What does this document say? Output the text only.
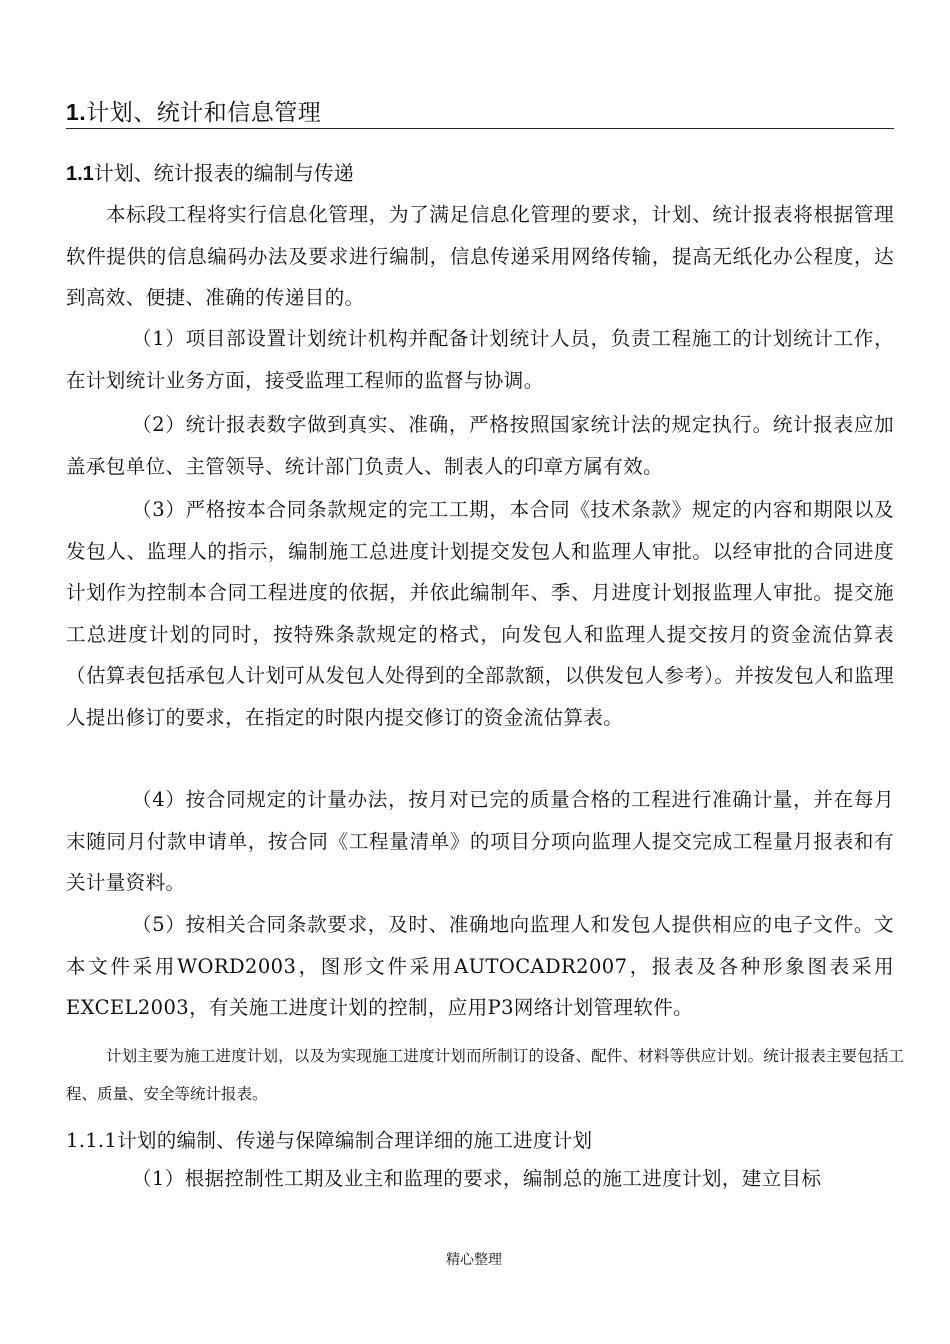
1.计划、统计和信息管理
1.1计划、统计报表的编制与传递
本标段工程将实行信息化管理，为了满足信息化管理的要求，计划、统计报表将根据管理软件提供的信息编码办法及要求进行编制，信息传递采用网络传输，提高无纸化办公程度，达到高效、便捷、准确的传递目的。
（1）项目部设置计划统计机构并配备计划统计人员，负责工程施工的计划统计工作，在计划统计业务方面，接受监理工程师的监督与协调。
（2）统计报表数字做到真实、准确，严格按照国家统计法的规定执行。统计报表应加盖承包单位、主管领导、统计部门负责人、制表人的印章方属有效。
（3）严格按本合同条款规定的完工工期，本合同《技术条款》规定的内容和期限以及发包人、监理人的指示，编制施工总进度计划提交发包人和监理人审批。以经审批的合同进度计划作为控制本合同工程进度的依据，并依此编制年、季、月进度计划报监理人审批。提交施工总进度计划的同时，按特殊条款规定的格式，向发包人和监理人提交按月的资金流估算表（估算表包括承包人计划可从发包人处得到的全部款额，以供发包人参考）。并按发包人和监理人提出修订的要求，在指定的时限内提交修订的资金流估算表。
（4）按合同规定的计量办法，按月对已完的质量合格的工程进行准确计量，并在每月末随同月付款申请单，按合同《工程量清单》的项目分项向监理人提交完成工程量月报表和有关计量资料。
（5）按相关合同条款要求，及时、准确地向监理人和发包人提供相应的电子文件。文本文件采用WORD2003，图形文件采用AUTOCADR2007，报表及各种形象图表采用EXCEL2003，有关施工进度计划的控制，应用P3网络计划管理软件。
计划主要为施工进度计划，以及为实现施工进度计划而所制订的设备、配件、材料等供应计划。统计报表主要包括工程、质量、安全等统计报表。
1.1.1计划的编制、传递与保障编制合理详细的施工进度计划
（1）根据控制性工期及业主和监理的要求，编制总的施工进度计划，建立目标
精心整理
